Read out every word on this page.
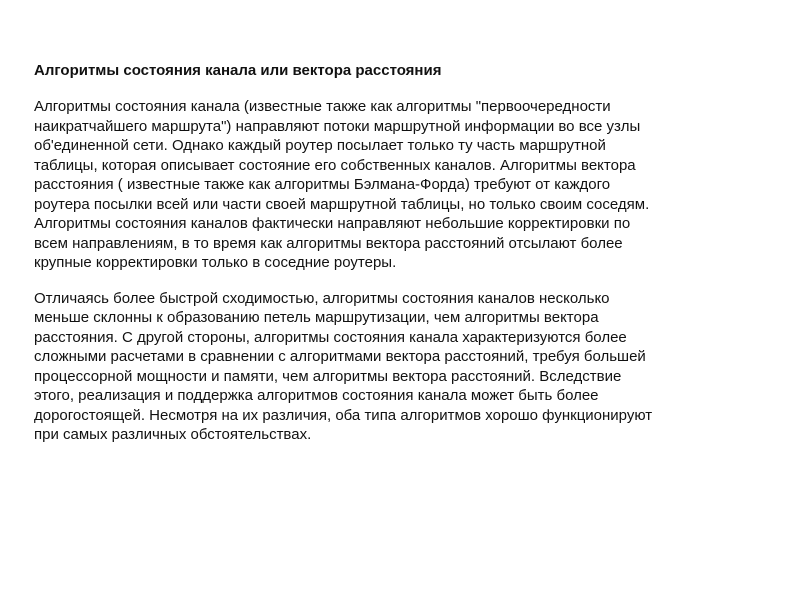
Алгоритмы состояния канала или вектора расстояния
Алгоритмы состояния канала (известные также как алгоритмы "первоочередности
наикратчайшего маршрута") направляют потоки маршрутной информации во все узлы
об'единенной сети. Однако каждый роутер посылает только ту часть маршрутной
таблицы, которая описывает состояние его собственных каналов. Алгоритмы вектора
расстояния ( известные также как алгоритмы Бэлмана-Форда) требуют от каждого
роутера посылки всей или части своей маршрутной таблицы, но только своим соседям.
Алгоритмы состояния каналов фактически направляют небольшие корректировки по
всем направлениям, в то время как алгоритмы вектора расстояний отсылают более
крупные корректировки только в соседние роутеры.
Отличаясь более быстрой сходимостью, алгоритмы состояния каналов несколько
меньше склонны к образованию петель маршрутизации, чем алгоритмы вектора
расстояния. С другой стороны, алгоритмы состояния канала характеризуются более
сложными расчетами в сравнении с алгоритмами вектора расстояний, требуя большей
процессорной мощности и памяти, чем алгоритмы вектора расстояний. Вследствие
этого, реализация и поддержка алгоритмов состояния канала может быть более
дорогостоящей. Несмотря на их различия, оба типа алгоритмов хорошо функционируют
при самых различных обстоятельствах.
